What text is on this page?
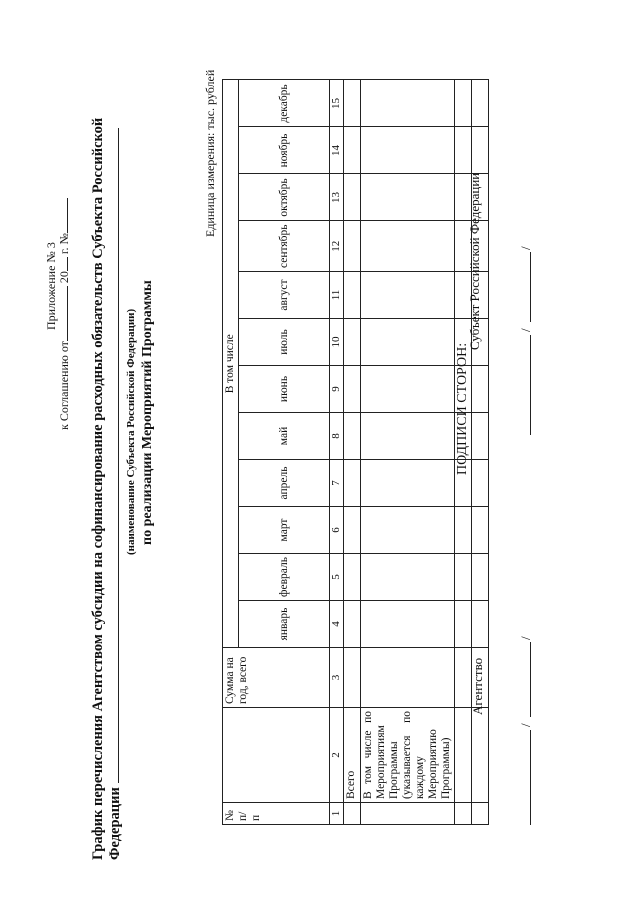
Приложение № 3
к Соглашению от 20 г. № График перечисления Агентством субсидии на софинансирование расходных обязательств Субъекта Российской Федерации
(наименование Субъекта Российской Федерации) по реализации Мероприятий Программы
Единица измерения: тыс. рублей
№ п/п		Сумма на год, всего	В том числе											
			январь	февраль	март	апрель	май	июнь	июль	август	сентябрь	октябрь	ноябрь	декабрь
1	2	3	4	5	6	7	8	9	10	11	12	13	14	15
	Всего													
	В том числе по Мероприятиям Программы (указывается по каждому Мероприятию Программы)													

ПОДПИСИ СТОРОН:
/
/
Агентство
/
/
Субъект Российской Федерации
